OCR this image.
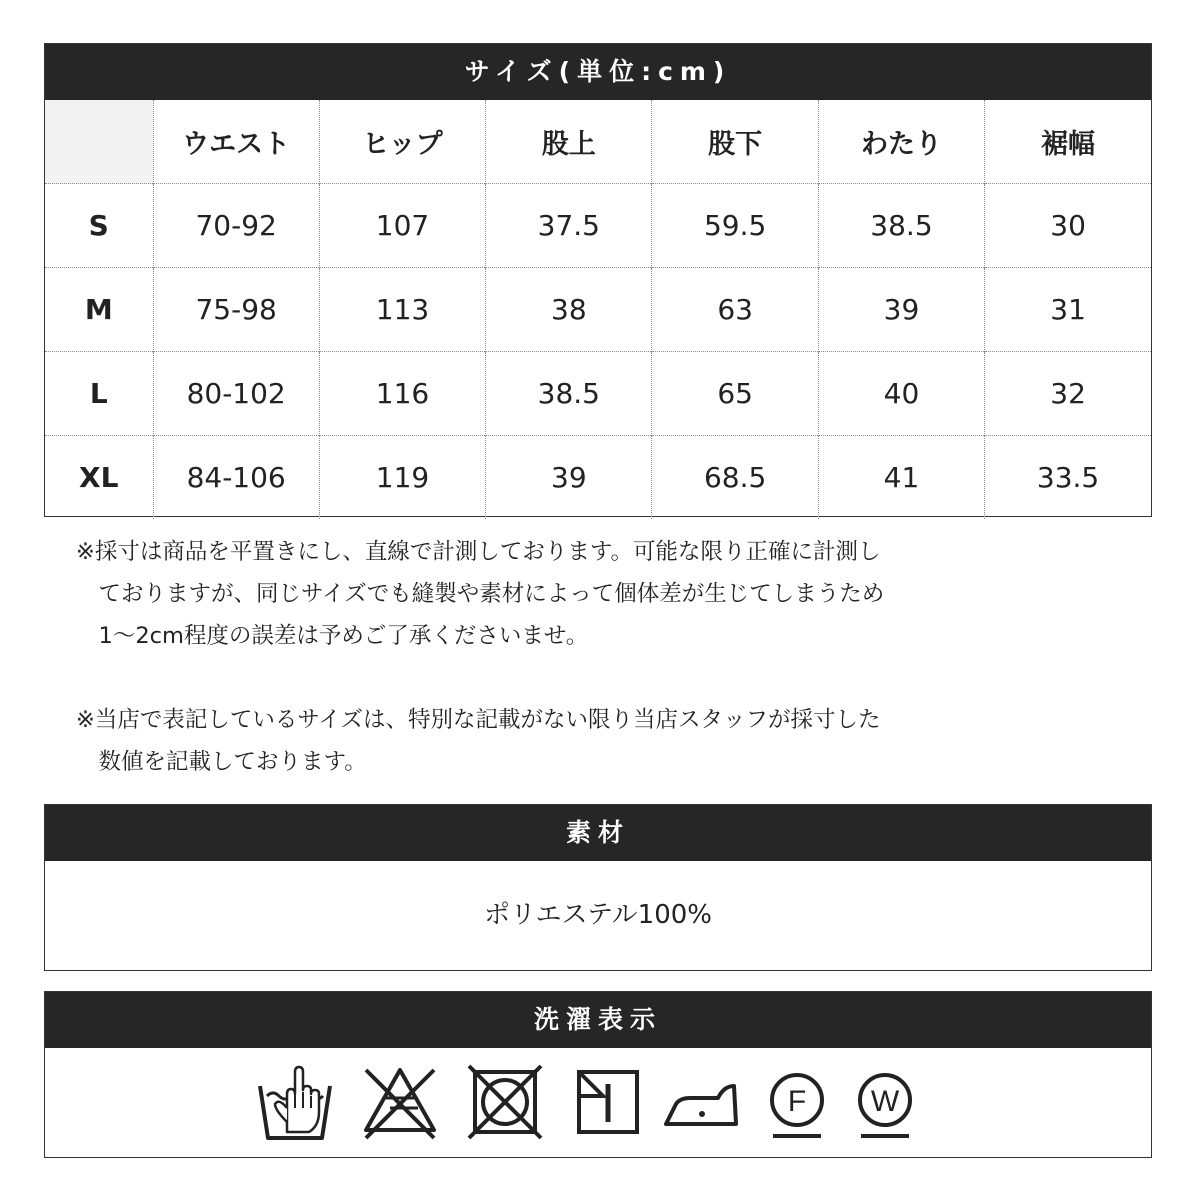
サイズ(単位:cm)
	ウエスト	ヒップ	股上	股下	わたり	裾幅
S	70-92	107	37.5	59.5	38.5	30
M	75-98	113	38	63	39	31
L	80-102	116	38.5	65	40	32
XL	84-106	119	39	68.5	41	33.5

※採寸は商品を平置きにし、直線で計測しております。可能な限り正確に計測し

　ておりますが、同じサイズでも縫製や素材によって個体差が生じてしまうため

　1～2cm程度の誤差は予めご了承くださいませ。

※当店で表記しているサイズは、特別な記載がない限り当店スタッフが採寸した

　数値を記載しております。

素材
ポリエステル100%
洗濯表示
F W
